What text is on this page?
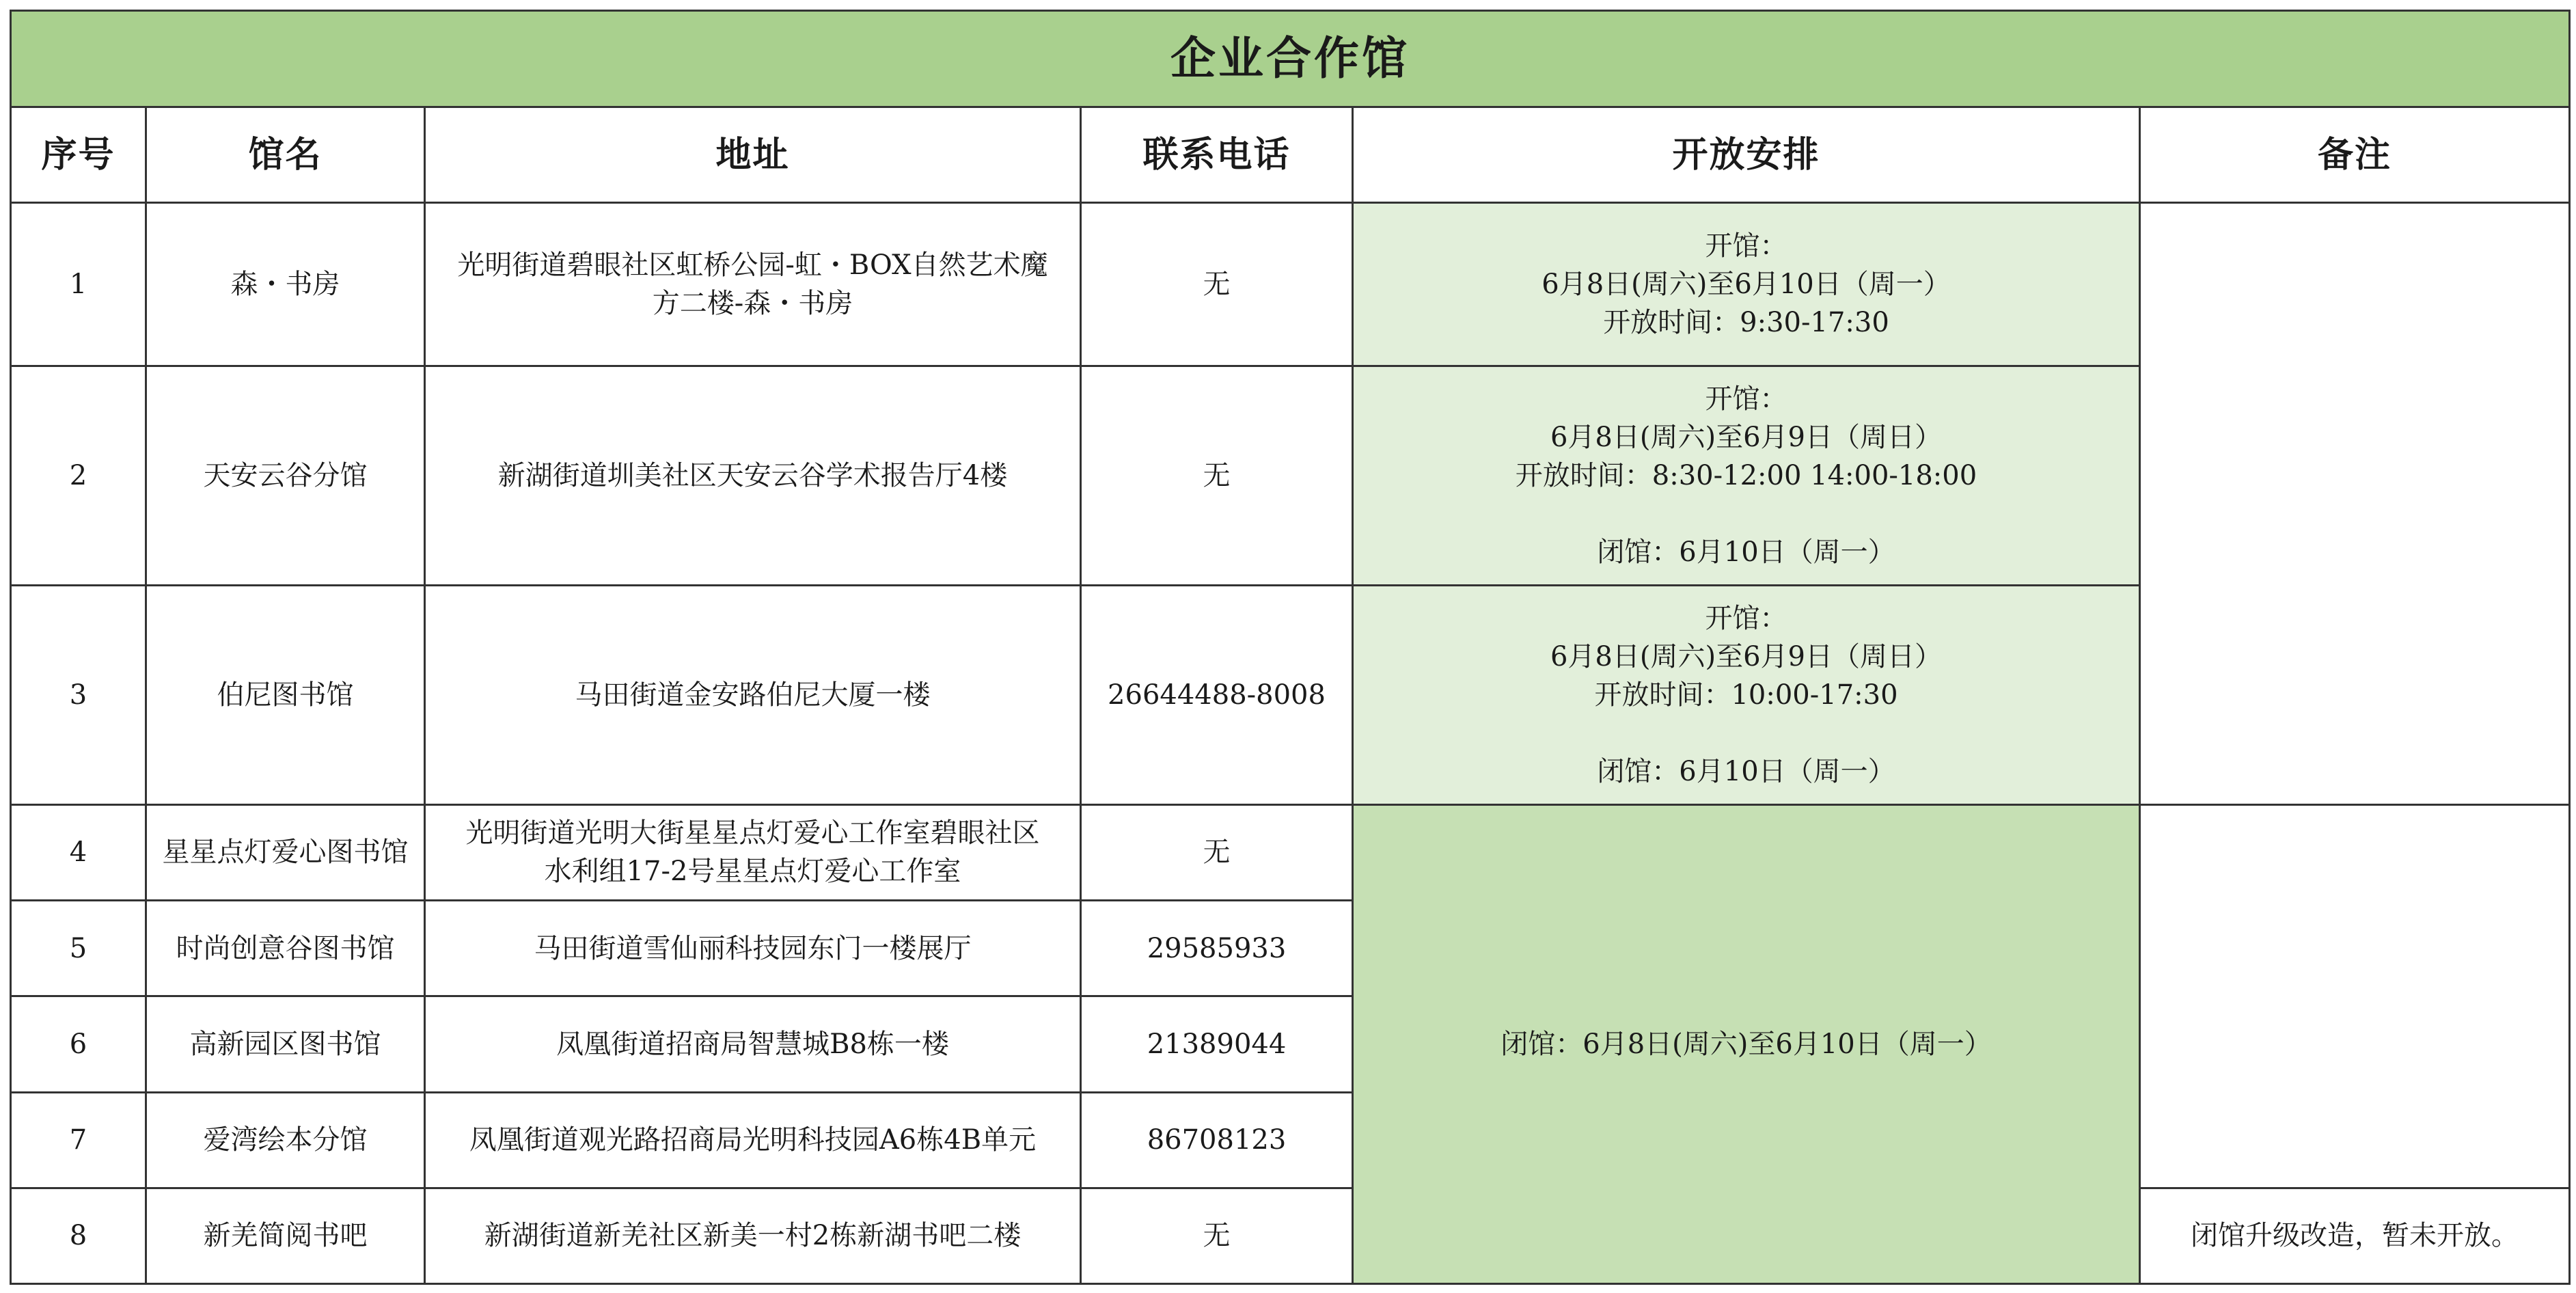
企业合作馆					
序号	馆名	地址	联系电话	开放安排	备注
1	森・书房	光明街道碧眼社区虹桥公园-虹・BOX自然艺术魔
方二楼-森・书房	无	开馆：
6月8日(周六)至6月10日（周一）
开放时间：9:30-17:30	
2	天安云谷分馆	新湖街道圳美社区天安云谷学术报告厅4楼	无	开馆：
6月8日(周六)至6月9日（周日）
开放时间：8:30-12:00 14:00-18:00

闭馆：6月10日（周一）	
3	伯尼图书馆	马田街道金安路伯尼大厦一楼	26644488-8008	开馆：
6月8日(周六)至6月9日（周日）
开放时间：10:00-17:30

闭馆：6月10日（周一）	
4	星星点灯爱心图书馆	光明街道光明大街星星点灯爱心工作室碧眼社区
水利组17-2号星星点灯爱心工作室	无	闭馆：6月8日(周六)至6月10日（周一）	
5	时尚创意谷图书馆	马田街道雪仙丽科技园东门一楼展厅	29585933		
6	高新园区图书馆	凤凰街道招商局智慧城B8栋一楼	21389044		
7	爱湾绘本分馆	凤凰街道观光路招商局光明科技园A6栋4B单元	86708123		
8	新羌简阅书吧	新湖街道新羌社区新美一村2栋新湖书吧二楼	无		闭馆升级改造，暂未开放。
